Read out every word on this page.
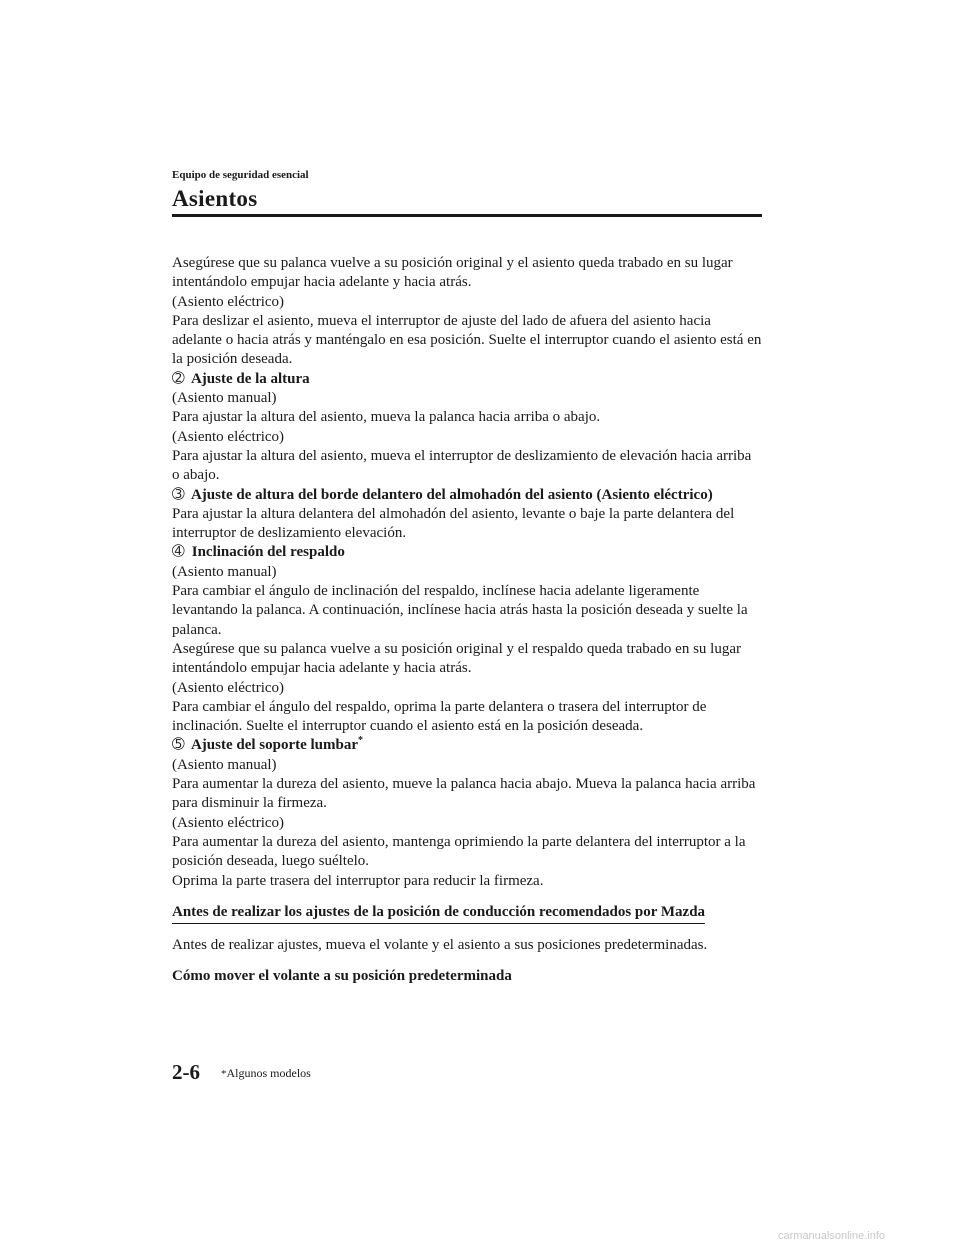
Equipo de seguridad esencial
Asientos

Asegúrese que su palanca vuelve a su posición original y el asiento queda trabado en su lugar intentándolo empujar hacia adelante y hacia atrás.

(Asiento eléctrico)

Para deslizar el asiento, mueva el interruptor de ajuste del lado de afuera del asiento hacia adelante o hacia atrás y manténgalo en esa posición. Suelte el interruptor cuando el asiento está en la posición deseada.

➁ Ajuste de la altura

(Asiento manual)

Para ajustar la altura del asiento, mueva la palanca hacia arriba o abajo.

(Asiento eléctrico)

Para ajustar la altura del asiento, mueva el interruptor de deslizamiento de elevación hacia arriba o abajo.

➂ Ajuste de altura del borde delantero del almohadón del asiento (Asiento eléctrico)

Para ajustar la altura delantera del almohadón del asiento, levante o baje la parte delantera del interruptor de deslizamiento elevación.

➃ Inclinación del respaldo

(Asiento manual)

Para cambiar el ángulo de inclinación del respaldo, inclínese hacia adelante ligeramente levantando la palanca. A continuación, inclínese hacia atrás hasta la posición deseada y suelte la palanca.

Asegúrese que su palanca vuelve a su posición original y el respaldo queda trabado en su lugar intentándolo empujar hacia adelante y hacia atrás.

(Asiento eléctrico)

Para cambiar el ángulo del respaldo, oprima la parte delantera o trasera del interruptor de inclinación. Suelte el interruptor cuando el asiento está en la posición deseada.

➄ Ajuste del soporte lumbar*

(Asiento manual)

Para aumentar la dureza del asiento, mueve la palanca hacia abajo. Mueva la palanca hacia arriba para disminuir la firmeza.

(Asiento eléctrico)

Para aumentar la dureza del asiento, mantenga oprimiendo la parte delantera del interruptor a la posición deseada, luego suéltelo.

Oprima la parte trasera del interruptor para reducir la firmeza.

Antes de realizar los ajustes de la posición de conducción recomendados por Mazda

Antes de realizar ajustes, mueva el volante y el asiento a sus posiciones predeterminadas.

Cómo mover el volante a su posición predeterminada

2-6 *Algunos modelos
carmanualsonline.info
